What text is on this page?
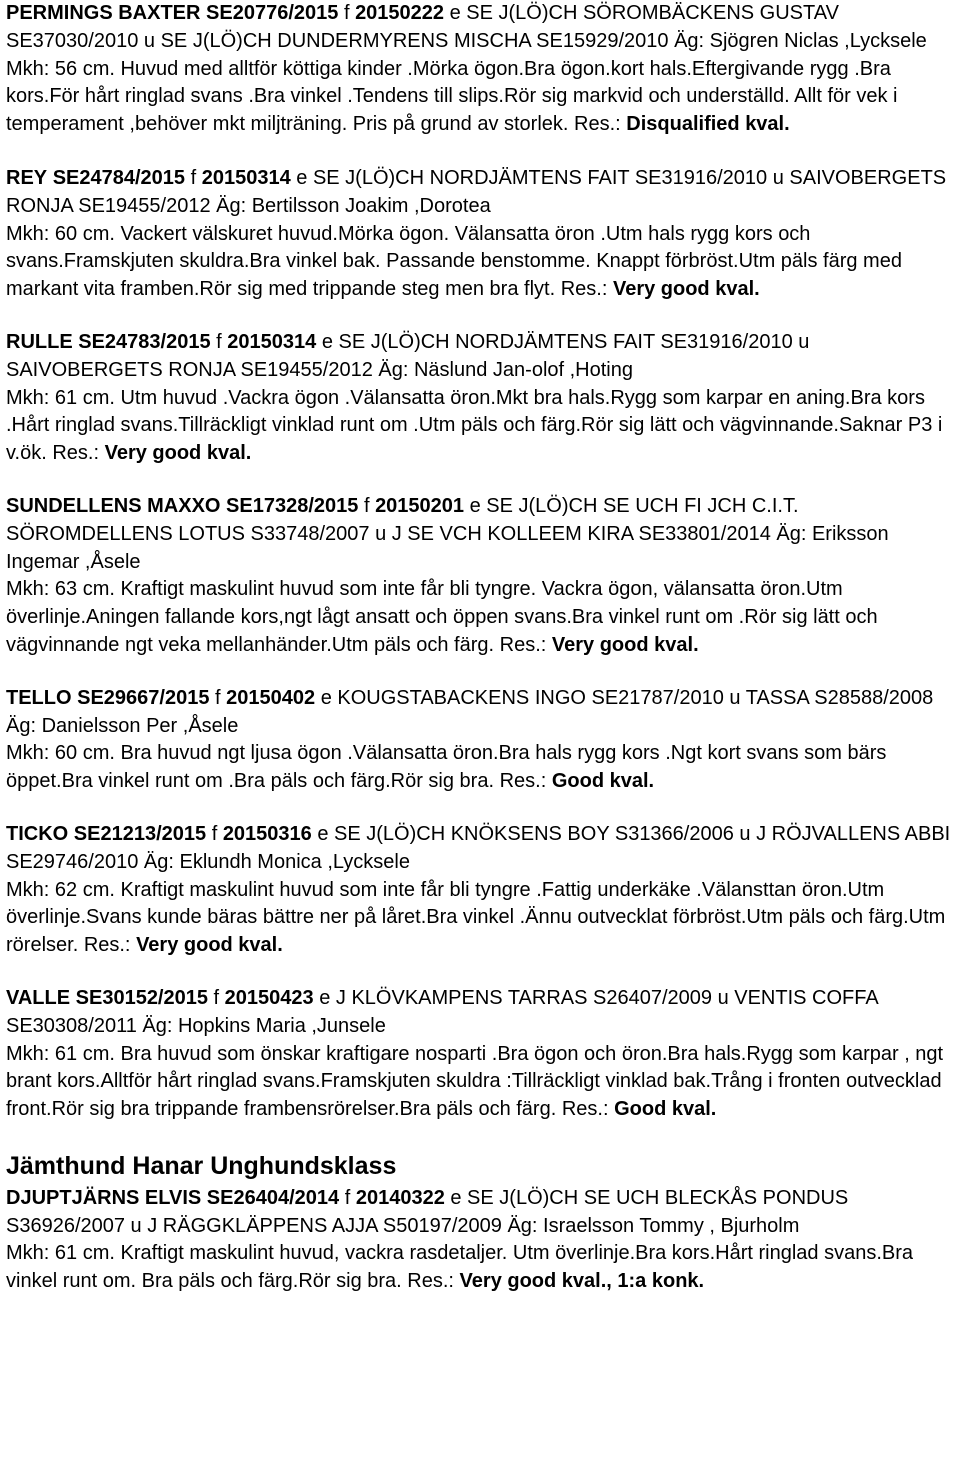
PERMINGS BAXTER SE20776/2015 f 20150222 e SE J(LÖ)CH SÖROMBÄCKENS GUSTAV SE37030/2010 u SE J(LÖ)CH DUNDERMYRENS MISCHA SE15929/2010 Äg: Sjögren Niclas ,Lycksele
Mkh: 56 cm. Huvud med alltför köttiga kinder .Mörka ögon.Bra ögon.kort hals.Eftergivande rygg .Bra kors.För hårt ringlad svans .Bra vinkel .Tendens till slips.Rör sig markvid och underställd. Allt för vek i temperament ,behöver mkt miljträning. Pris på grund av storlek. Res.: Disqualified kval.
REY SE24784/2015 f 20150314 e SE J(LÖ)CH NORDJÄMTENS FAIT SE31916/2010 u SAIVOBERGETS RONJA SE19455/2012 Äg: Bertilsson Joakim ,Dorotea
Mkh: 60 cm. Vackert välskuret huvud.Mörka ögon. Välansatta öron .Utm hals rygg kors och svans.Framskjuten skuldra.Bra vinkel bak. Passande benstomme. Knappt förbröst.Utm päls färg med markant vita framben.Rör sig med trippande steg men bra flyt. Res.: Very good kval.
RULLE SE24783/2015 f 20150314 e SE J(LÖ)CH NORDJÄMTENS FAIT SE31916/2010 u SAIVOBERGETS RONJA SE19455/2012 Äg: Näslund Jan-olof ,Hoting
Mkh: 61 cm. Utm huvud .Vackra ögon .Välansatta öron.Mkt bra hals.Rygg som karpar en aning.Bra kors .Hårt ringlad svans.Tillräckligt vinklad runt om .Utm päls och färg.Rör sig lätt och vägvinnande.Saknar P3 i v.ök. Res.: Very good kval.
SUNDELLENS MAXXO SE17328/2015 f 20150201 e SE J(LÖ)CH SE UCH FI JCH C.I.T. SÖROMDELLENS LOTUS S33748/2007 u J SE VCH KOLLEEM KIRA SE33801/2014 Äg: Eriksson Ingemar ,Åsele
Mkh: 63 cm. Kraftigt maskulint huvud som inte får bli tyngre. Vackra ögon, välansatta öron.Utm överlinje.Aningen fallande kors,ngt lågt ansatt och öppen svans.Bra vinkel runt om .Rör sig lätt och vägvinnande ngt veka mellanhänder.Utm päls och färg. Res.: Very good kval.
TELLO SE29667/2015 f 20150402 e KOUGSTABACKENS INGO SE21787/2010 u TASSA S28588/2008 Äg: Danielsson Per ,Åsele
Mkh: 60 cm. Bra huvud ngt ljusa ögon .Välansatta öron.Bra hals rygg kors .Ngt kort svans som bärs öppet.Bra vinkel runt om .Bra päls och färg.Rör sig bra. Res.: Good kval.
TICKO SE21213/2015 f 20150316 e SE J(LÖ)CH KNÖKSENS BOY S31366/2006 u J RÖJVALLENS ABBI SE29746/2010 Äg: Eklundh Monica ,Lycksele
Mkh: 62 cm. Kraftigt maskulint huvud som inte får bli tyngre .Fattig underkäke .Välansttan öron.Utm överlinje.Svans kunde bäras bättre ner på låret.Bra vinkel .Ännu outvecklat förbröst.Utm päls och färg.Utm rörelser. Res.: Very good kval.
VALLE SE30152/2015 f 20150423 e J KLÖVKAMPENS TARRAS S26407/2009 u VENTIS COFFA SE30308/2011 Äg: Hopkins Maria ,Junsele
Mkh: 61 cm. Bra huvud som önskar kraftigare nosparti .Bra ögon och öron.Bra hals.Rygg som karpar , ngt brant kors.Alltför hårt ringlad svans.Framskjuten skuldra :Tillräckligt vinklad bak.Trång i fronten outvecklad front.Rör sig bra trippande frambensrörelser.Bra päls och färg. Res.: Good kval.
Jämthund Hanar Unghundsklass
DJUPTJÄRNS ELVIS SE26404/2014 f 20140322 e SE J(LÖ)CH SE UCH BLECKÅS PONDUS S36926/2007 u J RÄGGKLÄPPENS AJJA S50197/2009 Äg: Israelsson Tommy , Bjurholm
Mkh: 61 cm. Kraftigt maskulint huvud, vackra rasdetaljer. Utm överlinje.Bra kors.Hårt ringlad svans.Bra vinkel runt om. Bra päls och färg.Rör sig bra. Res.: Very good kval., 1:a konk.
